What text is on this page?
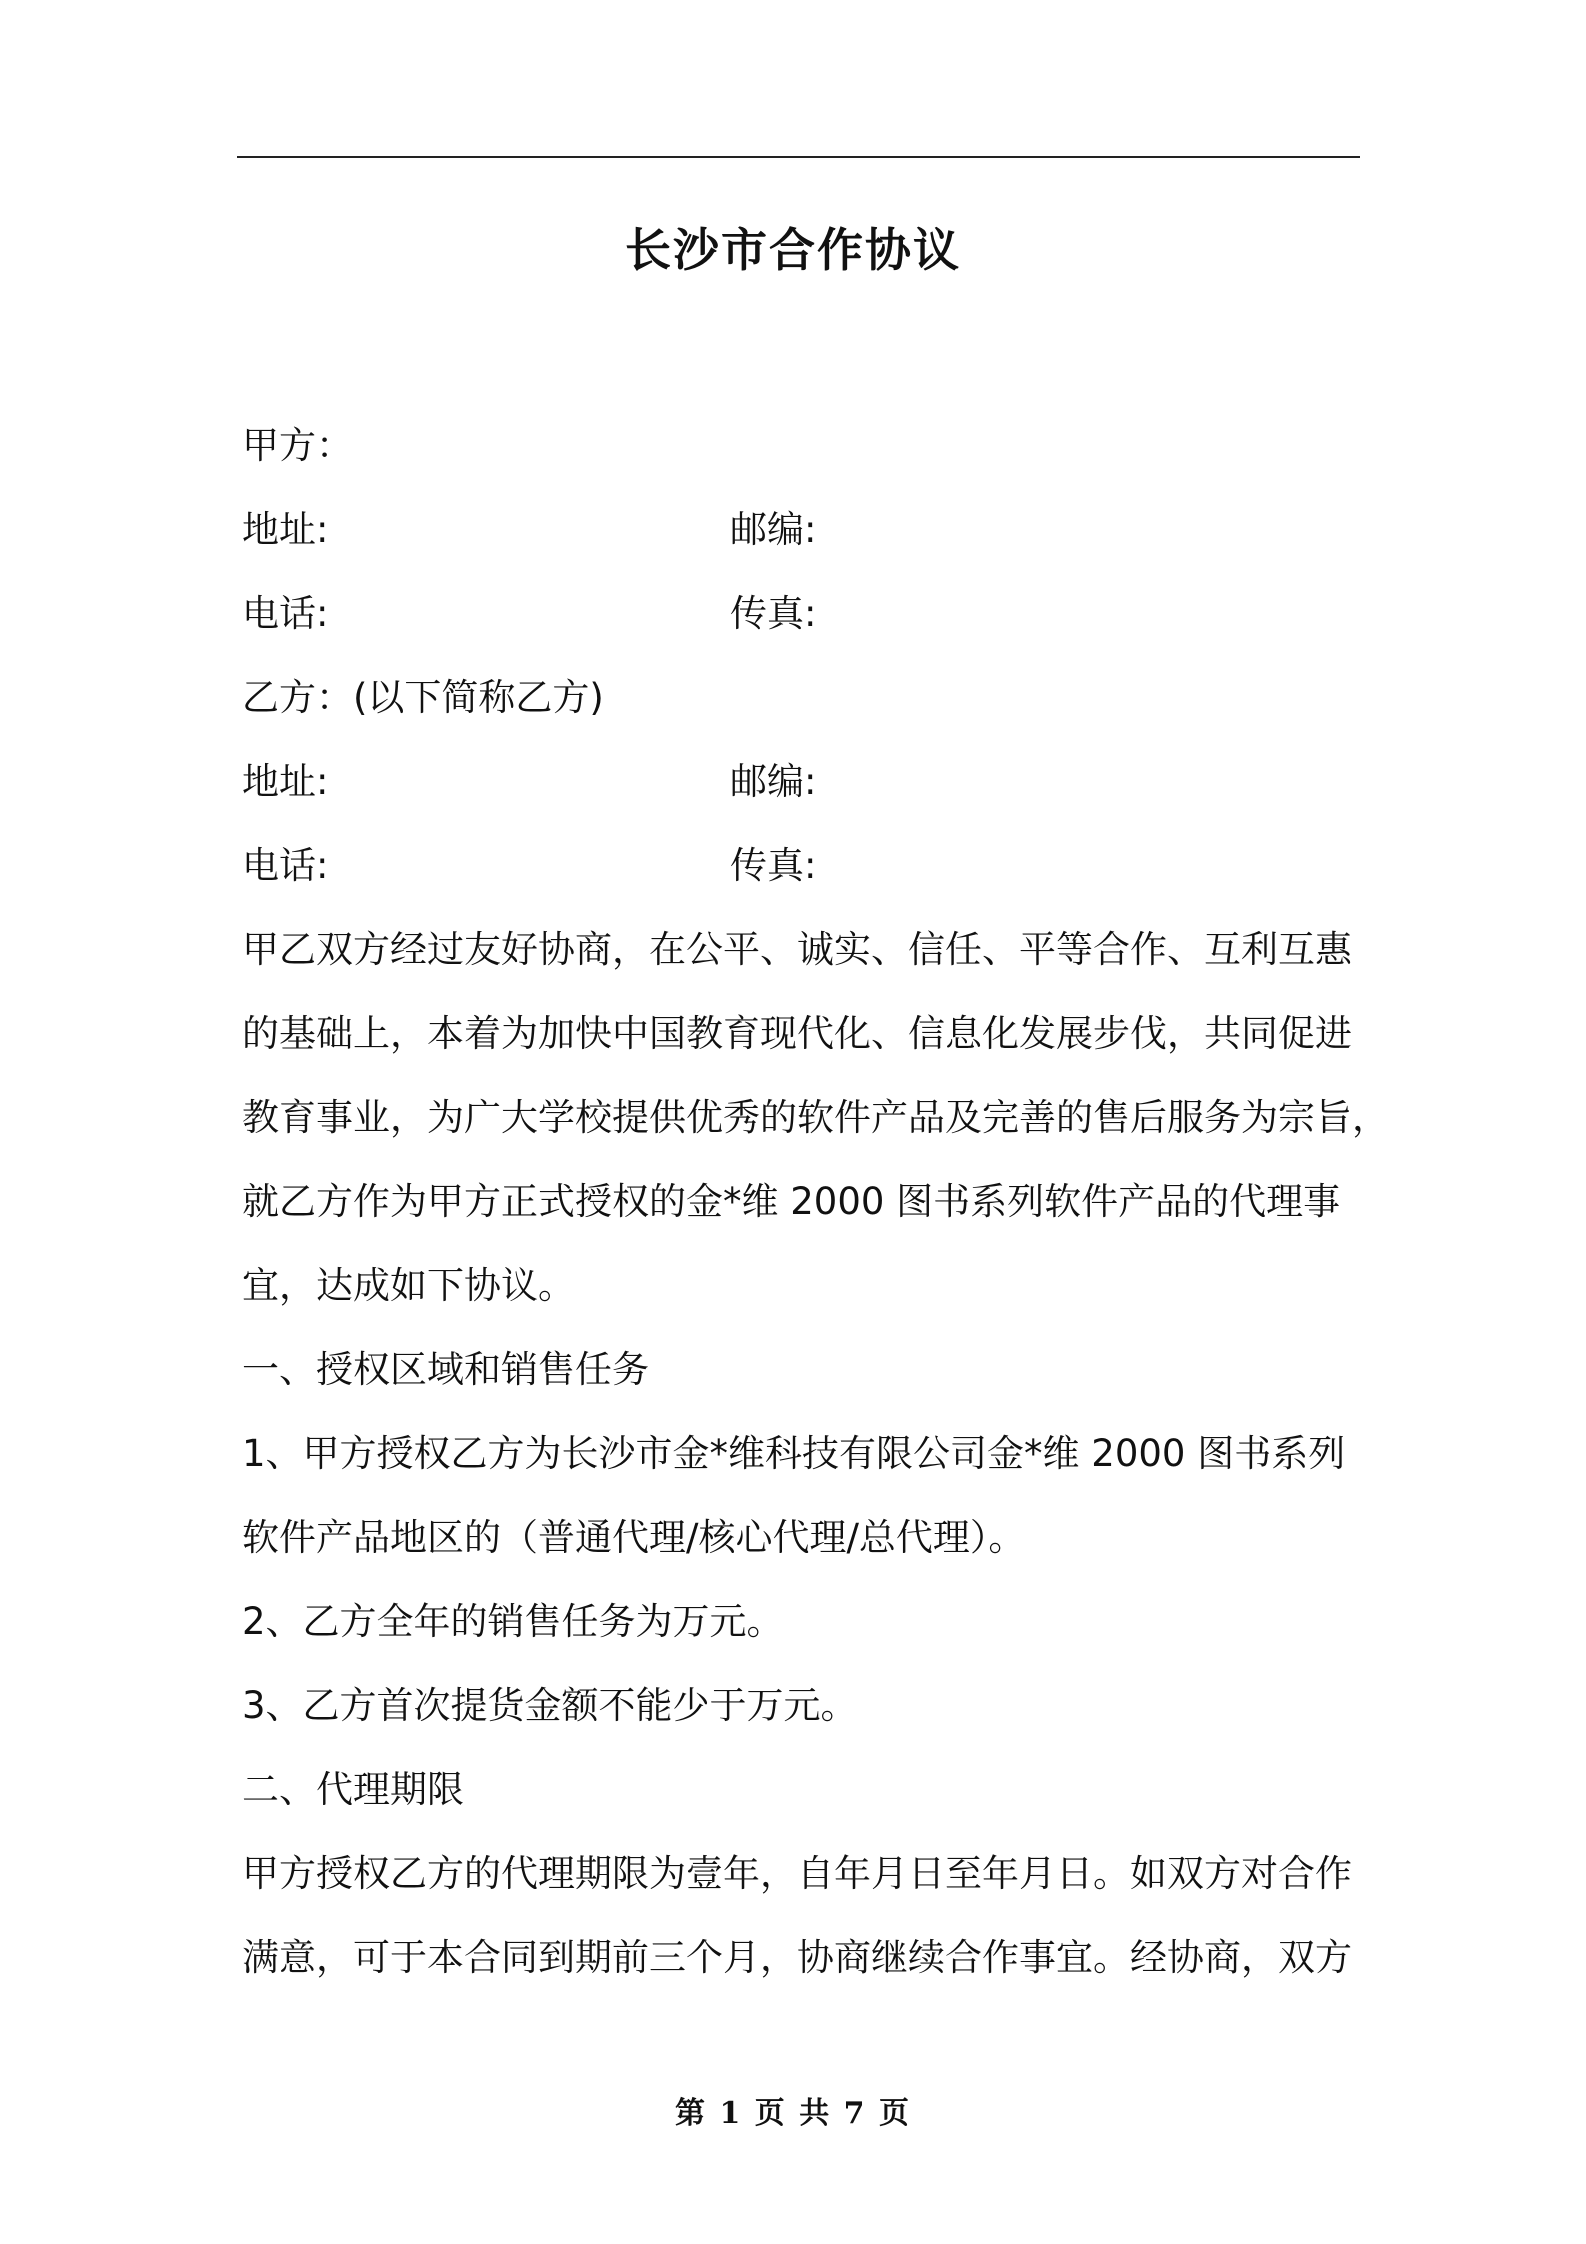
长沙市合作协议
甲方：
地址:	邮编:
电话:	传真:
乙方：(以下简称乙方)
地址:	邮编:
电话:	传真:
甲乙双方经过友好协商，在公平、诚实、信任、平等合作、互利互惠
的基础上，本着为加快中国教育现代化、信息化发展步伐，共同促进
教育事业，为广大学校提供优秀的软件产品及完善的售后服务为宗旨，
就乙方作为甲方正式授权的金*维 2000 图书系列软件产品的代理事
宜，达成如下协议。
一、授权区域和销售任务
1、甲方授权乙方为长沙市金*维科技有限公司金*维 2000 图书系列
软件产品地区的（普通代理/核心代理/总代理）。
2、乙方全年的销售任务为万元。
3、乙方首次提货金额不能少于万元。
二、代理期限
甲方授权乙方的代理期限为壹年，自年月日至年月日。如双方对合作
满意，可于本合同到期前三个月，协商继续合作事宜。经协商，双方
第 1 页 共 7 页
